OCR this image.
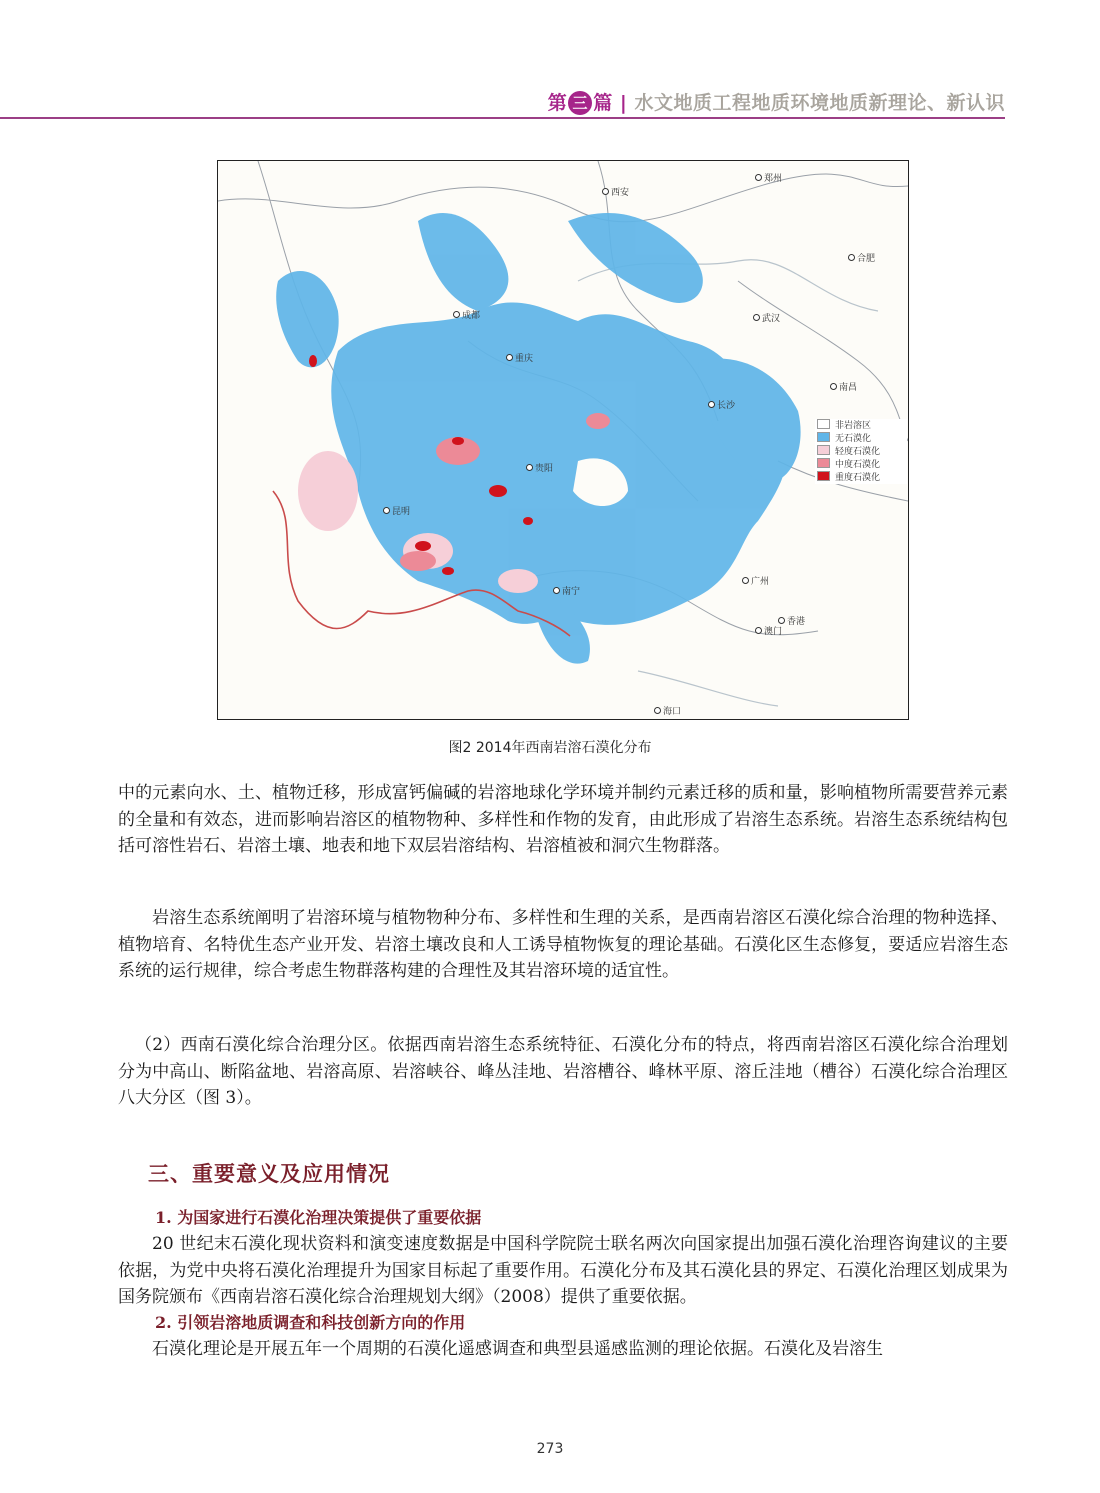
第 三 篇 | 水文地质工程地质环境地质新理论、新认识
非岩溶区
无石漠化
轻度石漠化
中度石漠化
重度石漠化
西安
郑州
合肥
成都	武汉
重庆
南昌
长沙
贵阳
昆明
广州
南宁
香港
澳门
海口
图2 2014年西南岩溶石漠化分布
中的元素向水、土、植物迁移，形成富钙偏碱的岩溶地球化学环境并制约元素迁移的质和量，影响植物所需要营养元素的全量和有效态，进而影响岩溶区的植物物种、多样性和作物的发育，由此形成了岩溶生态系统。岩溶生态系统结构包括可溶性岩石、岩溶土壤、地表和地下双层岩溶结构、岩溶植被和洞穴生物群落。
岩溶生态系统阐明了岩溶环境与植物物种分布、多样性和生理的关系，是西南岩溶区石漠化综合治理的物种选择、植物培育、名特优生态产业开发、岩溶土壤改良和人工诱导植物恢复的理论基础。石漠化区生态修复，要适应岩溶生态系统的运行规律，综合考虑生物群落构建的合理性及其岩溶环境的适宜性。
（2）西南石漠化综合治理分区。依据西南岩溶生态系统特征、石漠化分布的特点，将西南岩溶区石漠化综合治理划分为中高山、断陷盆地、岩溶高原、岩溶峡谷、峰丛洼地、岩溶槽谷、峰林平原、溶丘洼地（槽谷）石漠化综合治理区八大分区（图 3）。
三、重要意义及应用情况
1. 为国家进行石漠化治理决策提供了重要依据
20 世纪末石漠化现状资料和演变速度数据是中国科学院院士联名两次向国家提出加强石漠化治理咨询建议的主要依据，为党中央将石漠化治理提升为国家目标起了重要作用。石漠化分布及其石漠化县的界定、石漠化治理区划成果为国务院颁布《西南岩溶石漠化综合治理规划大纲》（2008）提供了重要依据。
2. 引领岩溶地质调查和科技创新方向的作用
石漠化理论是开展五年一个周期的石漠化遥感调查和典型县遥感监测的理论依据。石漠化及岩溶生
273
